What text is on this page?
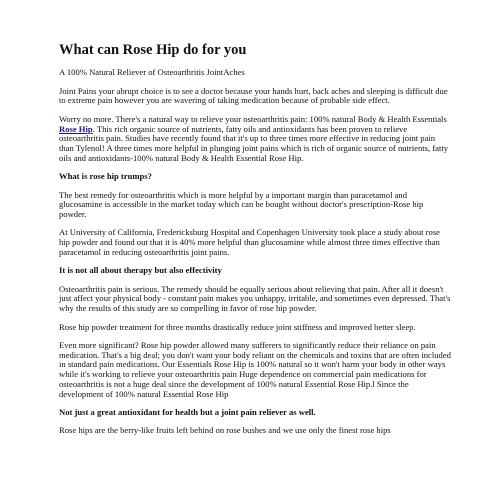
What can Rose Hip do for you

A 100% Natural Reliever of Osteoarthritis JointAches

Joint Pains your abrupt choice is to see a doctor because your hands hurt, back aches and sleeping is difficult due to extreme pain however you are wavering of taking medication because of probable side effect.

Worry no more. There's a natural way to relieve your osteoarthritis pain: 100% natural Body & Health Essentials Rose Hip. This rich organic source of nutrients, fatty oils and antioxidants has been proven to relieve osteoarthritis pain. Studies have recently found that it's up to three times more effective in reducing joint pain than Tylenol! A three times more helpful in plunging joint pains which is rich of organic source of nutrients, fatty oils and antioxidants-100% natural Body & Health Essential Rose Hip.

What is rose hip trumps?

The best remedy for osteoarthritis which is more helpful by a important margin than paracetamol and glucosamine is accessible in the market today which can be bought without doctor's prescription-Rose hip powder.

At University of California, Fredericksburg Hospital and Copenhagen University took place a study about rose hip powder and found out that it is 40% more helpful than glucosamine while almost three times effective than paracetamol in reducing osteoarthritis joint pains.

It is not all about therapy but also effectivity

Osteoarthritis pain is serious. The remedy should be equally serious about relieving that pain. After all it doesn't just affect your physical body - constant pain makes you unhappy, irritable, and sometimes even depressed. That's why the results of this study are so compelling in favor of rose hip powder.

Rose hip powder treatment for three months drastically reduce joint stiffness and improved better sleep.

Even more significant? Rose hip powder allowed many sufferers to significantly reduce their reliance on pain medication. That's a big deal; you don't want your body reliant on the chemicals and toxins that are often included in standard pain medications. Our Essentials Rose Hip is 100% natural so it won't harm your body in other ways while it's working to relieve your osteoarthritis pain Huge dependence on commercial pain medications for osteoarthritis is not a huge deal since the development of 100% natural Essential Rose Hip.l Since the development of 100% natural Essential Rose Hip

Not just a great antioxidant for health but a joint pain reliever as well.

Rose hips are the berry-like fruits left behind on rose bushes and we use only the finest rose hips
